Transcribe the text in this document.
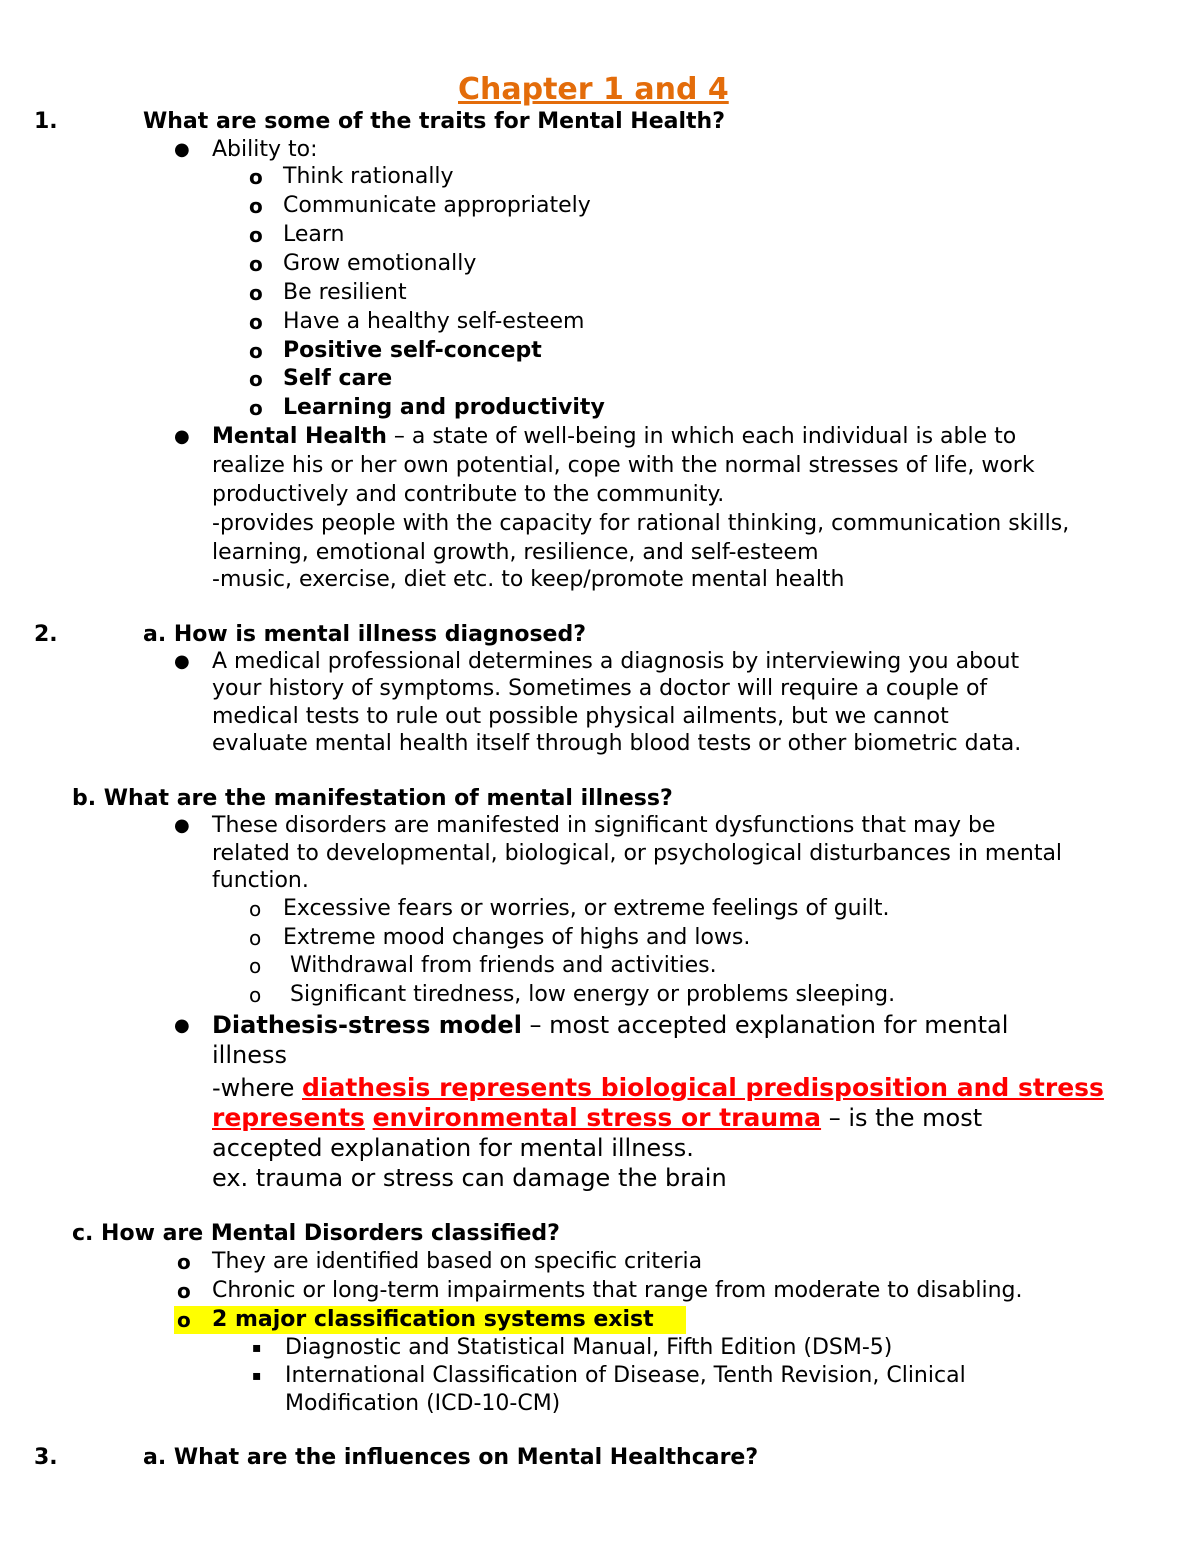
Chapter 1 and 4
1.	What are some of the traits for Mental Health?
● Ability to:
o Think rationally
o Communicate appropriately
o Learn
o Grow emotionally
o Be resilient
o Have a healthy self-esteem
o Positive self-concept
o Self care
o Learning and productivity
● Mental Health – a state of well-being in which each individual is able to
realize his or her own potential, cope with the normal stresses of life, work
productively and contribute to the community.
-provides people with the capacity for rational thinking, communication skills,
learning, emotional growth, resilience, and self-esteem
-music, exercise, diet etc. to keep/promote mental health
2.	a. How is mental illness diagnosed?
● A medical professional determines a diagnosis by interviewing you about
your history of symptoms. Sometimes a doctor will require a couple of
medical tests to rule out possible physical ailments, but we cannot
evaluate mental health itself through blood tests or other biometric data.
b. What are the manifestation of mental illness?
● These disorders are manifested in significant dysfunctions that may be
related to developmental, biological, or psychological disturbances in mental
function.
o Excessive fears or worries, or extreme feelings of guilt.
o Extreme mood changes of highs and lows.
o Withdrawal from friends and activities.
o Significant tiredness, low energy or problems sleeping.
● Diathesis-stress model – most accepted explanation for mental
illness
-where diathesis represents biological predisposition and stress
represents environmental stress or trauma – is the most
accepted explanation for mental illness.
ex. trauma or stress can damage the brain
c. How are Mental Disorders classified?
o They are identified based on specific criteria
o Chronic or long-term impairments that range from moderate to disabling.
o 2 major classification systems exist
▪ Diagnostic and Statistical Manual, Fifth Edition (DSM-5)
▪ International Classification of Disease, Tenth Revision, Clinical
Modification (ICD-10-CM)
3.	a. What are the influences on Mental Healthcare?
